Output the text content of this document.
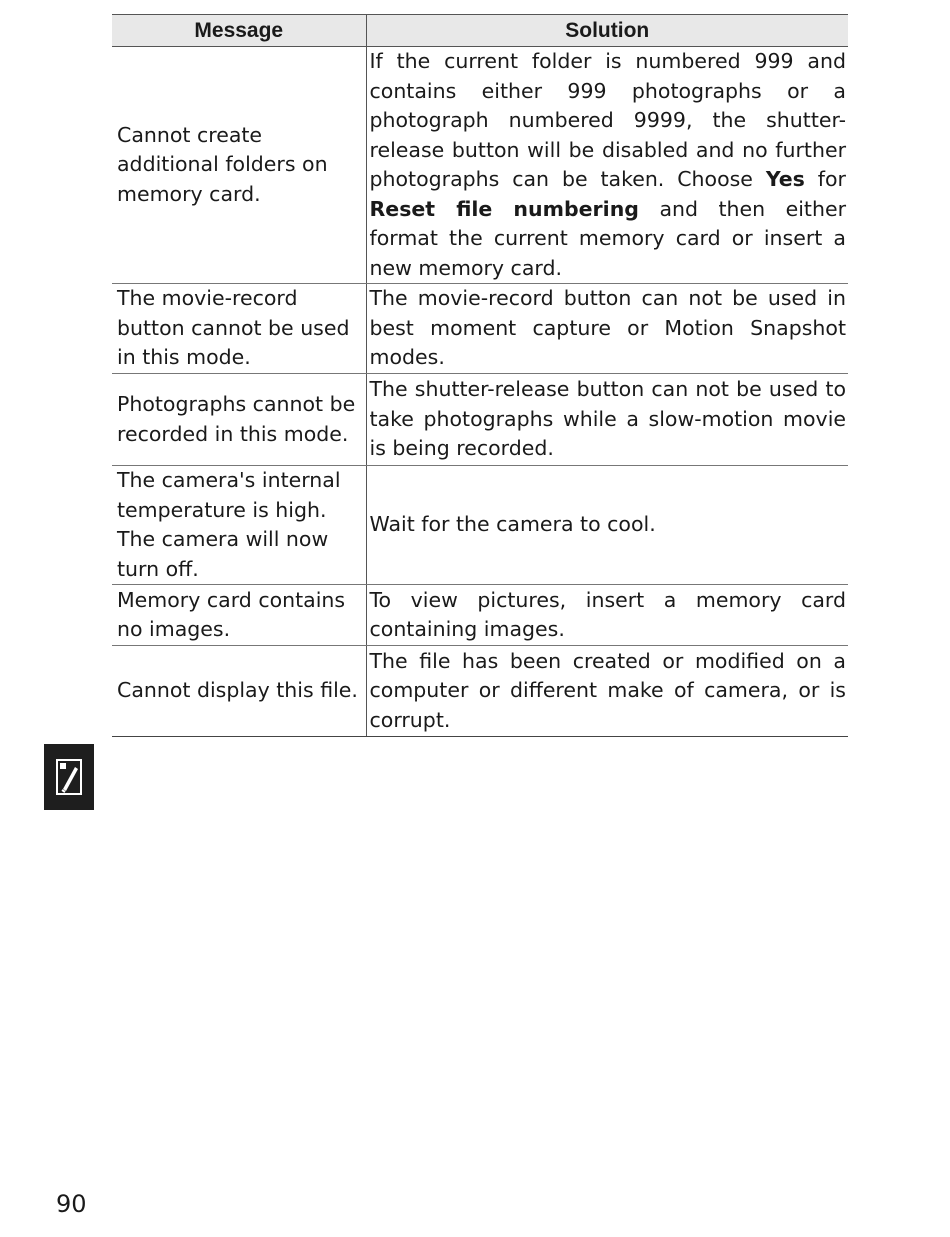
Message	Solution
Cannot create additional folders on memory card.	If the current folder is numbered 999 and contains either 999 photographs or a photograph numbered 9999, the shutter-release button will be disabled and no further photographs can be taken. Choose Yes for Reset file numbering and then either format the current memory card or insert a new memory card.
The movie-record button cannot be used in this mode.	The movie-record button can not be used in best moment capture or Motion Snapshot modes.
Photographs cannot be recorded in this mode.	The shutter-release button can not be used to take photographs while a slow-motion movie is being recorded.
The camera's internal temperature is high. The camera will now turn off.	Wait for the camera to cool.
Memory card contains no images.	To view pictures, insert a memory card containing images.
Cannot display this file.	The file has been created or modified on a computer or different make of camera, or is corrupt.
90
